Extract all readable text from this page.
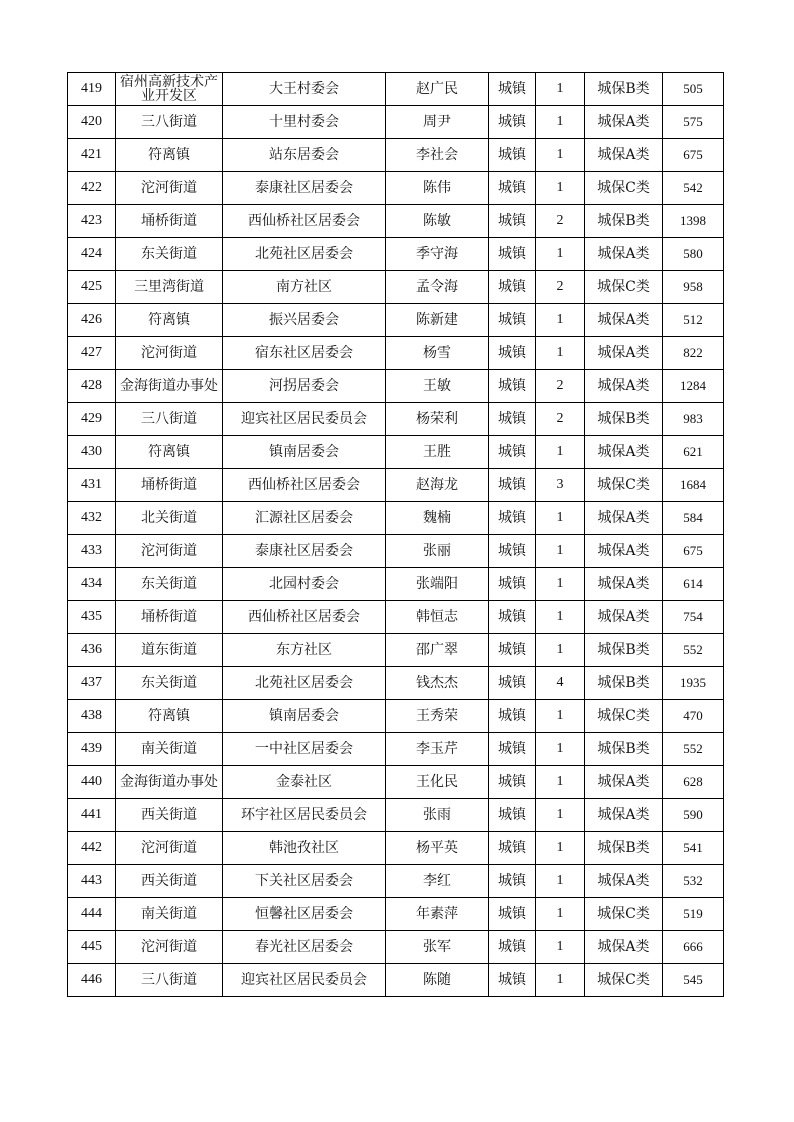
419	宿州高新技术产业开发区	大王村委会	赵广民	城镇	1	城保B类	505
420	三八街道	十里村委会	周尹	城镇	1	城保A类	575
421	符离镇	站东居委会	李社会	城镇	1	城保A类	675
422	沱河街道	泰康社区居委会	陈伟	城镇	1	城保C类	542
423	埇桥街道	西仙桥社区居委会	陈敏	城镇	2	城保B类	1398
424	东关街道	北苑社区居委会	季守海	城镇	1	城保A类	580
425	三里湾街道	南方社区	孟令海	城镇	2	城保C类	958
426	符离镇	振兴居委会	陈新建	城镇	1	城保A类	512
427	沱河街道	宿东社区居委会	杨雪	城镇	1	城保A类	822
428	金海街道办事处	河拐居委会	王敏	城镇	2	城保A类	1284
429	三八街道	迎宾社区居民委员会	杨荣利	城镇	2	城保B类	983
430	符离镇	镇南居委会	王胜	城镇	1	城保A类	621
431	埇桥街道	西仙桥社区居委会	赵海龙	城镇	3	城保C类	1684
432	北关街道	汇源社区居委会	魏楠	城镇	1	城保A类	584
433	沱河街道	泰康社区居委会	张丽	城镇	1	城保A类	675
434	东关街道	北园村委会	张端阳	城镇	1	城保A类	614
435	埇桥街道	西仙桥社区居委会	韩恒志	城镇	1	城保A类	754
436	道东街道	东方社区	邵广翠	城镇	1	城保B类	552
437	东关街道	北苑社区居委会	钱杰杰	城镇	4	城保B类	1935
438	符离镇	镇南居委会	王秀荣	城镇	1	城保C类	470
439	南关街道	一中社区居委会	李玉芹	城镇	1	城保B类	552
440	金海街道办事处	金泰社区	王化民	城镇	1	城保A类	628
441	西关街道	环宇社区居民委员会	张雨	城镇	1	城保A类	590
442	沱河街道	韩池孜社区	杨平英	城镇	1	城保B类	541
443	西关街道	下关社区居委会	李红	城镇	1	城保A类	532
444	南关街道	恒馨社区居委会	年素萍	城镇	1	城保C类	519
445	沱河街道	春光社区居委会	张军	城镇	1	城保A类	666
446	三八街道	迎宾社区居民委员会	陈随	城镇	1	城保C类	545
